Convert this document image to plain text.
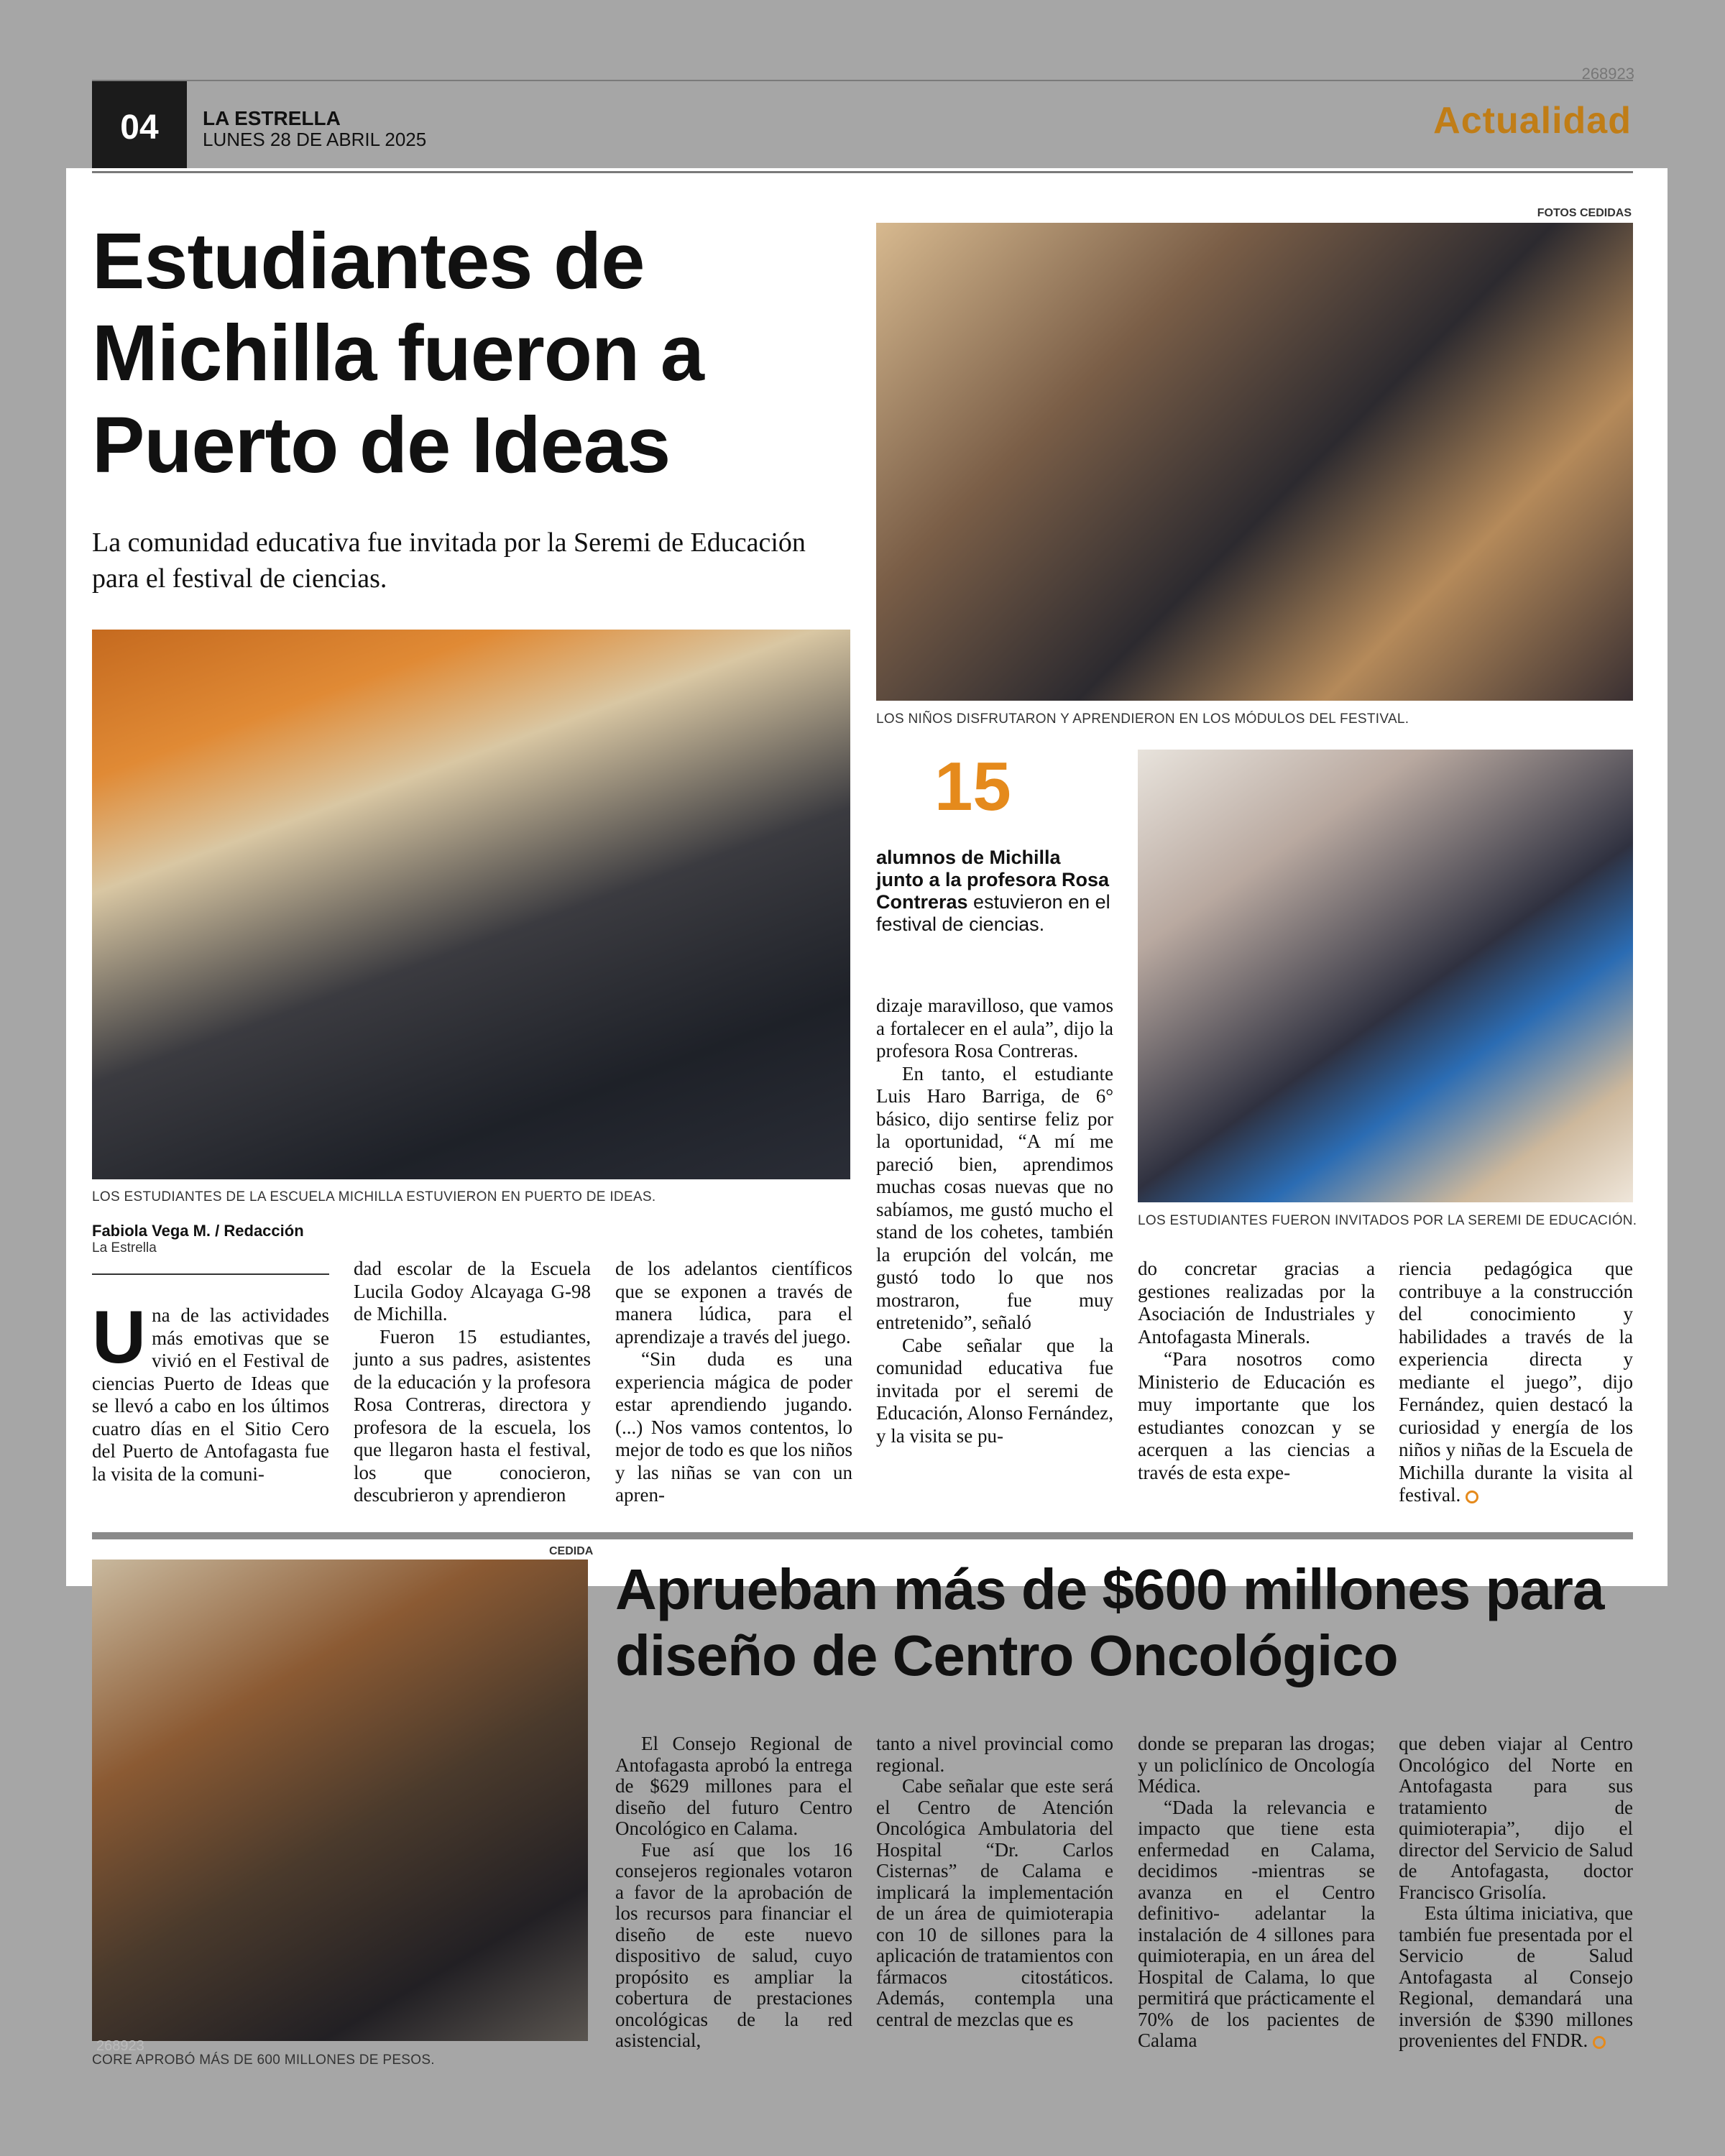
268923
04	LA ESTRELLA
LUNES 28 DE ABRIL 2025	Actualidad
Estudiantes de Michilla fueron a Puerto de Ideas
La comunidad educativa fue invitada por la Seremi de Educación para el festival de ciencias.
LOS ESTUDIANTES DE LA ESCUELA MICHILLA ESTUVIERON EN PUERTO DE IDEAS.
FOTOS CEDIDAS
LOS NIÑOS DISFRUTARON Y APRENDIERON EN LOS MÓDULOS DEL FESTIVAL.
15
alumnos de Michilla junto a la profesora Rosa Contreras estuvieron en el festival de ciencias.
LOS ESTUDIANTES FUERON INVITADOS POR LA SEREMI DE EDUCACIÓN.
Fabiola Vega M. / Redacción
La Estrella

Una de las actividades más emotivas que se vivió en el Festival de ciencias Puerto de Ideas que se llevó a cabo en los últimos cuatro días en el Sitio Cero del Puerto de Antofagasta fue la visita de la comuni-

dad escolar de la Escuela Lucila Godoy Alcayaga G-98 de Michilla.

Fueron 15 estudiantes, junto a sus padres, asistentes de la educación y la profesora Rosa Contreras, directora y profesora de la escuela, los que llegaron hasta el festival, los que conocieron, descubrieron y aprendieron

de los adelantos científicos que se exponen a través de manera lúdica, para el aprendizaje a través del juego.

“Sin duda es una experiencia mágica de poder estar aprendiendo jugando. (...) Nos vamos contentos, lo mejor de todo es que los niños y las niñas se van con un apren-

dizaje maravilloso, que vamos a fortalecer en el aula”, dijo la profesora Rosa Contreras.

En tanto, el estudiante Luis Haro Barriga, de 6° básico, dijo sentirse feliz por la oportunidad, “A mí me pareció bien, aprendimos muchas cosas nuevas que no sabíamos, me gustó mucho el stand de los cohetes, también la erupción del volcán, me gustó todo lo que nos mostraron, fue muy entretenido”, señaló

Cabe señalar que la comunidad educativa fue invitada por el seremi de Educación, Alonso Fernández, y la visita se pu-

do concretar gracias a gestiones realizadas por la Asociación de Industriales y Antofagasta Minerals.

“Para nosotros como Ministerio de Educación es muy importante que los estudiantes conozcan y se acerquen a las ciencias a través de esta expe-

riencia pedagógica que contribuye a la construcción del conocimiento y habilidades a través de la experiencia directa y mediante el juego”, dijo Fernández, quien destacó la curiosidad y energía de los niños y niñas de la Escuela de Michilla durante la visita al festival.

CEDIDA
268923
CORE APROBÓ MÁS DE 600 MILLONES DE PESOS.
Aprueban más de $600 millones para diseño de Centro Oncológico

El Consejo Regional de Antofagasta aprobó la entrega de $629 millones para el diseño del futuro Centro Oncológico en Calama.

Fue así que los 16 consejeros regionales votaron a favor de la aprobación de los recursos para financiar el diseño de este nuevo dispositivo de salud, cuyo propósito es ampliar la cobertura de prestaciones oncológicas de la red asistencial,

tanto a nivel provincial como regional.

Cabe señalar que este será el Centro de Atención Oncológica Ambulatoria del Hospital “Dr. Carlos Cisternas” de Calama e implicará la implementación de un área de quimioterapia con 10 de sillones para la aplicación de tratamientos con fármacos citostáticos. Además, contempla una central de mezclas que es

donde se preparan las drogas; y un policlínico de Oncología Médica.

“Dada la relevancia e impacto que tiene esta enfermedad en Calama, decidimos -mientras se avanza en el Centro definitivo- adelantar la instalación de 4 sillones para quimioterapia, en un área del Hospital de Calama, lo que permitirá que prácticamente el 70% de los pacientes de Calama

que deben viajar al Centro Oncológico del Norte en Antofagasta para sus tratamiento de quimioterapia”, dijo el director del Servicio de Salud de Antofagasta, doctor Francisco Grisolía.

Esta última iniciativa, que también fue presentada por el Servicio de Salud Antofagasta al Consejo Regional, demandará una inversión de $390 millones provenientes del FNDR.
